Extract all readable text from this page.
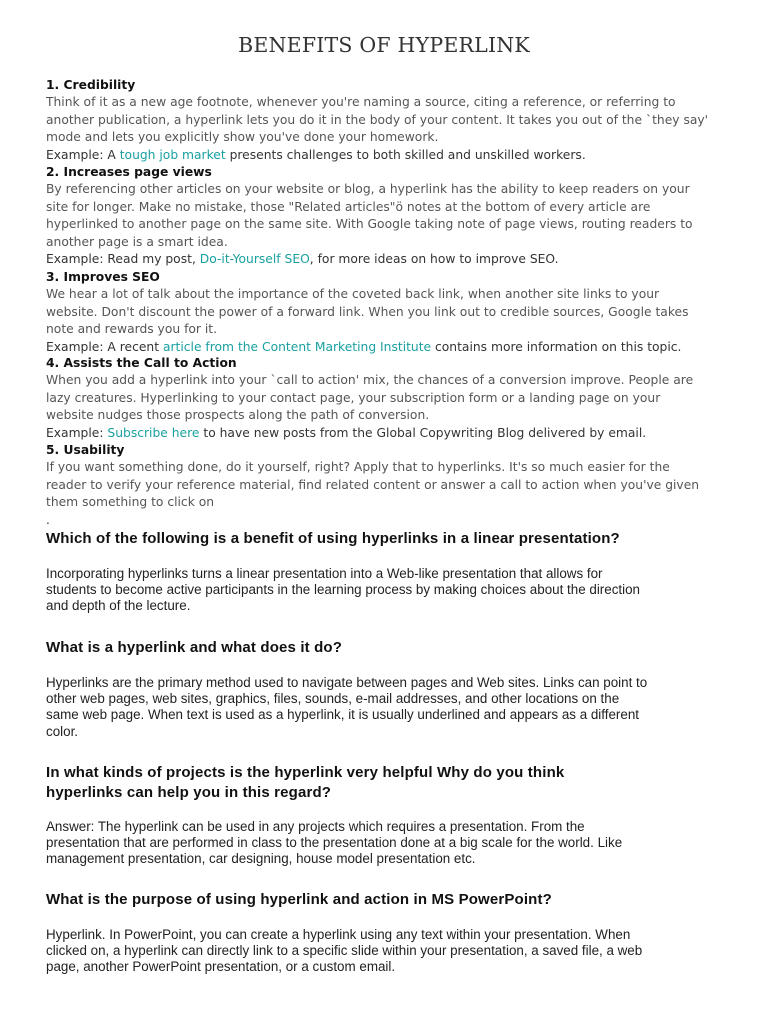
BENEFITS OF HYPERLINK
1. Credibility
Think of it as a new age footnote, whenever you're naming a source, citing a reference, or referring to
another publication, a hyperlink lets you do it in the body of your content. It takes you out of the `they say'
mode and lets you explicitly show you've done your homework.
Example: A tough job market presents challenges to both skilled and unskilled workers.
2. Increases page views
By referencing other articles on your website or blog, a hyperlink has the ability to keep readers on your
site for longer. Make no mistake, those "Related articles"ö notes at the bottom of every article are
hyperlinked to another page on the same site. With Google taking note of page views, routing readers to
another page is a smart idea.
Example: Read my post, Do-it-Yourself SEO, for more ideas on how to improve SEO.
3. Improves SEO
We hear a lot of talk about the importance of the coveted back link, when another site links to your
website. Don't discount the power of a forward link. When you link out to credible sources, Google takes
note and rewards you for it.
Example: A recent article from the Content Marketing Institute contains more information on this topic.
4. Assists the Call to Action
When you add a hyperlink into your `call to action' mix, the chances of a conversion improve. People are
lazy creatures. Hyperlinking to your contact page, your subscription form or a landing page on your
website nudges those prospects along the path of conversion.
Example: Subscribe here to have new posts from the Global Copywriting Blog delivered by email.
5. Usability
If you want something done, do it yourself, right? Apply that to hyperlinks. It's so much easier for the
reader to verify your reference material, find related content or answer a call to action when you've given
them something to click on
.
Which of the following is a benefit of using hyperlinks in a linear presentation?
Incorporating hyperlinks turns a linear presentation into a Web-like presentation that allows for
students to become active participants in the learning process by making choices about the direction
and depth of the lecture.
What is a hyperlink and what does it do?
Hyperlinks are the primary method used to navigate between pages and Web sites. Links can point to
other web pages, web sites, graphics, files, sounds, e-mail addresses, and other locations on the
same web page. When text is used as a hyperlink, it is usually underlined and appears as a different
color.
In what kinds of projects is the hyperlink very helpful Why do you think
hyperlinks can help you in this regard?
Answer: The hyperlink can be used in any projects which requires a presentation. From the
presentation that are performed in class to the presentation done at a big scale for the world. Like
management presentation, car designing, house model presentation etc.
What is the purpose of using hyperlink and action in MS PowerPoint?
Hyperlink. In PowerPoint, you can create a hyperlink using any text within your presentation. When
clicked on, a hyperlink can directly link to a specific slide within your presentation, a saved file, a web
page, another PowerPoint presentation, or a custom email.
